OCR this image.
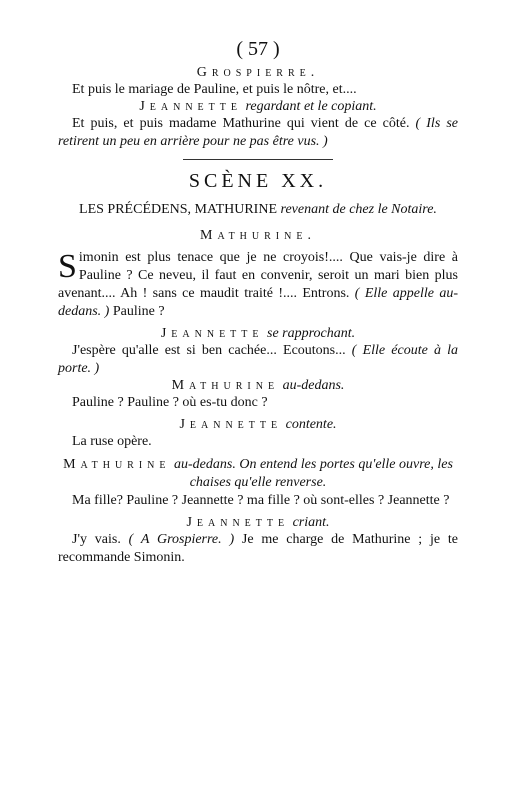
( 57 )

Grospierre.

Et puis le mariage de Pauline, et puis le nôtre, et....

Jeannette regardant et le copiant.

Et puis, et puis madame Mathurine qui vient de ce côté. ( Ils se retirent un peu en arrière pour ne pas être vus. )

SCÈNE XX.

LES PRÉCÉDENS, MATHURINE revenant de chez le Notaire.

Mathurine.

S imonin est plus tenace que je ne croyois!.... Que vais-je dire à Pauline ? Ce neveu, il faut en convenir, seroit un mari bien plus avenant.... Ah ! sans ce maudit traité !.... Entrons. ( Elle appelle au-dedans. ) Pauline ?

Jeannette se rapprochant.

J'espère qu'alle est si ben cachée... Ecoutons... ( Elle écoute à la porte. )

Mathurine au-dedans.

Pauline ? Pauline ? où es-tu donc ?

Jeannette contente.

La ruse opère.

Mathurine au-dedans. On entend les portes qu'elle ouvre, les chaises qu'elle renverse.

Ma fille? Pauline ? Jeannette ? ma fille ? où sont-elles ? Jeannette ?

Jeannette criant.

J'y vais. ( A Grospierre. ) Je me charge de Mathurine ; je te recommande Simonin.
